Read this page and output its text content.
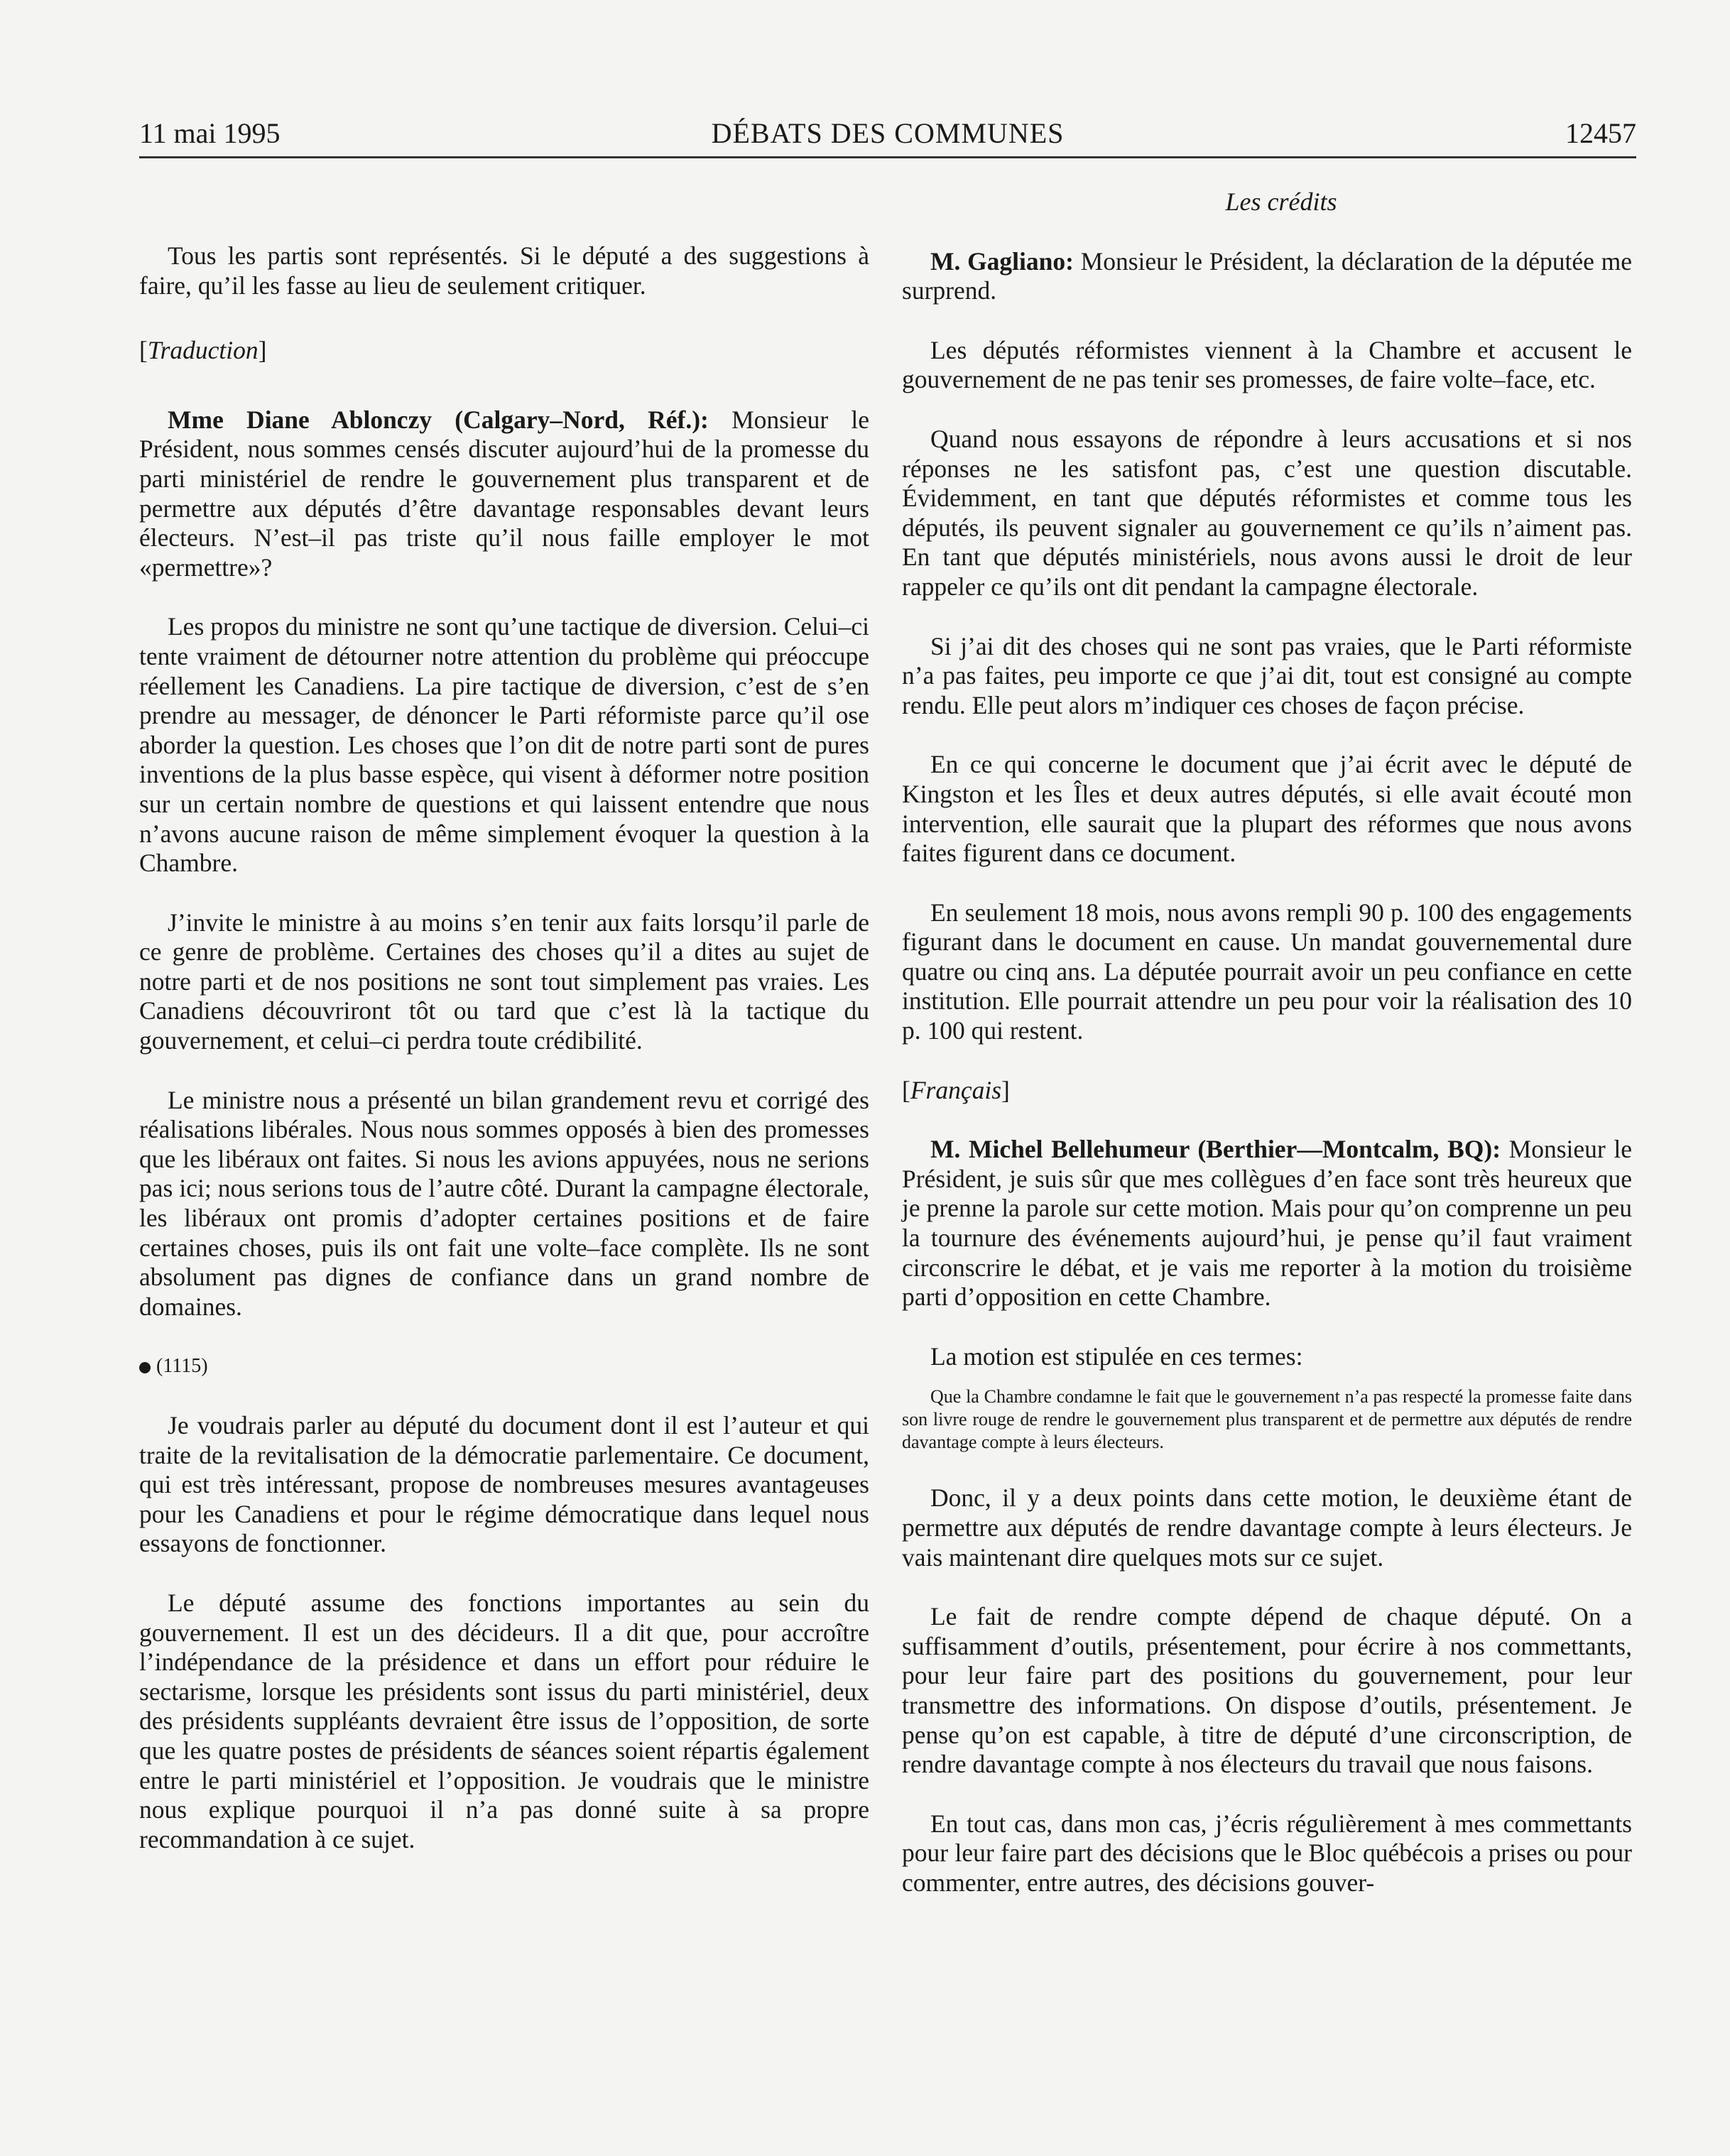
11 mai 1995	DÉBATS DES COMMUNES	12457

Tous les partis sont représentés. Si le député a des suggestions à faire, qu’il les fasse au lieu de seulement critiquer.

[Traduction]

Mme Diane Ablonczy (Calgary–Nord, Réf.): Monsieur le Président, nous sommes censés discuter aujourd’hui de la promesse du parti ministériel de rendre le gouvernement plus transparent et de permettre aux députés d’être davantage responsables devant leurs électeurs. N’est–il pas triste qu’il nous faille employer le mot «permettre»?

Les propos du ministre ne sont qu’une tactique de diversion. Celui–ci tente vraiment de détourner notre attention du problème qui préoccupe réellement les Canadiens. La pire tactique de diversion, c’est de s’en prendre au messager, de dénoncer le Parti réformiste parce qu’il ose aborder la question. Les choses que l’on dit de notre parti sont de pures inventions de la plus basse espèce, qui visent à déformer notre position sur un certain nombre de questions et qui laissent entendre que nous n’avons aucune raison de même simplement évoquer la question à la Chambre.

J’invite le ministre à au moins s’en tenir aux faits lorsqu’il parle de ce genre de problème. Certaines des choses qu’il a dites au sujet de notre parti et de nos positions ne sont tout simplement pas vraies. Les Canadiens découvriront tôt ou tard que c’est là la tactique du gouvernement, et celui–ci perdra toute crédibilité.

Le ministre nous a présenté un bilan grandement revu et corrigé des réalisations libérales. Nous nous sommes opposés à bien des promesses que les libéraux ont faites. Si nous les avions appuyées, nous ne serions pas ici; nous serions tous de l’autre côté. Durant la campagne électorale, les libéraux ont promis d’adopter certaines positions et de faire certaines choses, puis ils ont fait une volte–face complète. Ils ne sont absolument pas dignes de confiance dans un grand nombre de domaines.

(1115)

Je voudrais parler au député du document dont il est l’auteur et qui traite de la revitalisation de la démocratie parlementaire. Ce document, qui est très intéressant, propose de nombreuses mesures avantageuses pour les Canadiens et pour le régime démocratique dans lequel nous essayons de fonctionner.

Le député assume des fonctions importantes au sein du gouvernement. Il est un des décideurs. Il a dit que, pour accroître l’indépendance de la présidence et dans un effort pour réduire le sectarisme, lorsque les présidents sont issus du parti ministériel, deux des présidents suppléants devraient être issus de l’opposition, de sorte que les quatre postes de présidents de séances soient répartis également entre le parti ministériel et l’opposition. Je voudrais que le ministre nous explique pourquoi il n’a pas donné suite à sa propre recommandation à ce sujet.

Les crédits

M. Gagliano: Monsieur le Président, la déclaration de la députée me surprend.

Les députés réformistes viennent à la Chambre et accusent le gouvernement de ne pas tenir ses promesses, de faire volte–face, etc.

Quand nous essayons de répondre à leurs accusations et si nos réponses ne les satisfont pas, c’est une question discutable. Évidemment, en tant que députés réformistes et comme tous les députés, ils peuvent signaler au gouvernement ce qu’ils n’aiment pas. En tant que députés ministériels, nous avons aussi le droit de leur rappeler ce qu’ils ont dit pendant la campagne électorale.

Si j’ai dit des choses qui ne sont pas vraies, que le Parti réformiste n’a pas faites, peu importe ce que j’ai dit, tout est consigné au compte rendu. Elle peut alors m’indiquer ces choses de façon précise.

En ce qui concerne le document que j’ai écrit avec le député de Kingston et les Îles et deux autres députés, si elle avait écouté mon intervention, elle saurait que la plupart des réformes que nous avons faites figurent dans ce document.

En seulement 18 mois, nous avons rempli 90 p. 100 des engagements figurant dans le document en cause. Un mandat gouvernemental dure quatre ou cinq ans. La députée pourrait avoir un peu confiance en cette institution. Elle pourrait attendre un peu pour voir la réalisation des 10 p. 100 qui restent.

[Français]

M. Michel Bellehumeur (Berthier—Montcalm, BQ): Monsieur le Président, je suis sûr que mes collègues d’en face sont très heureux que je prenne la parole sur cette motion. Mais pour qu’on comprenne un peu la tournure des événements aujourd’hui, je pense qu’il faut vraiment circonscrire le débat, et je vais me reporter à la motion du troisième parti d’opposition en cette Chambre.

La motion est stipulée en ces termes:

Que la Chambre condamne le fait que le gouvernement n’a pas respecté la promesse faite dans son livre rouge de rendre le gouvernement plus transparent et de permettre aux députés de rendre davantage compte à leurs électeurs.

Donc, il y a deux points dans cette motion, le deuxième étant de permettre aux députés de rendre davantage compte à leurs électeurs. Je vais maintenant dire quelques mots sur ce sujet.

Le fait de rendre compte dépend de chaque député. On a suffisamment d’outils, présentement, pour écrire à nos commettants, pour leur faire part des positions du gouvernement, pour leur transmettre des informations. On dispose d’outils, présentement. Je pense qu’on est capable, à titre de député d’une circonscription, de rendre davantage compte à nos électeurs du travail que nous faisons.

En tout cas, dans mon cas, j’écris régulièrement à mes commettants pour leur faire part des décisions que le Bloc québécois a prises ou pour commenter, entre autres, des décisions gouver-
